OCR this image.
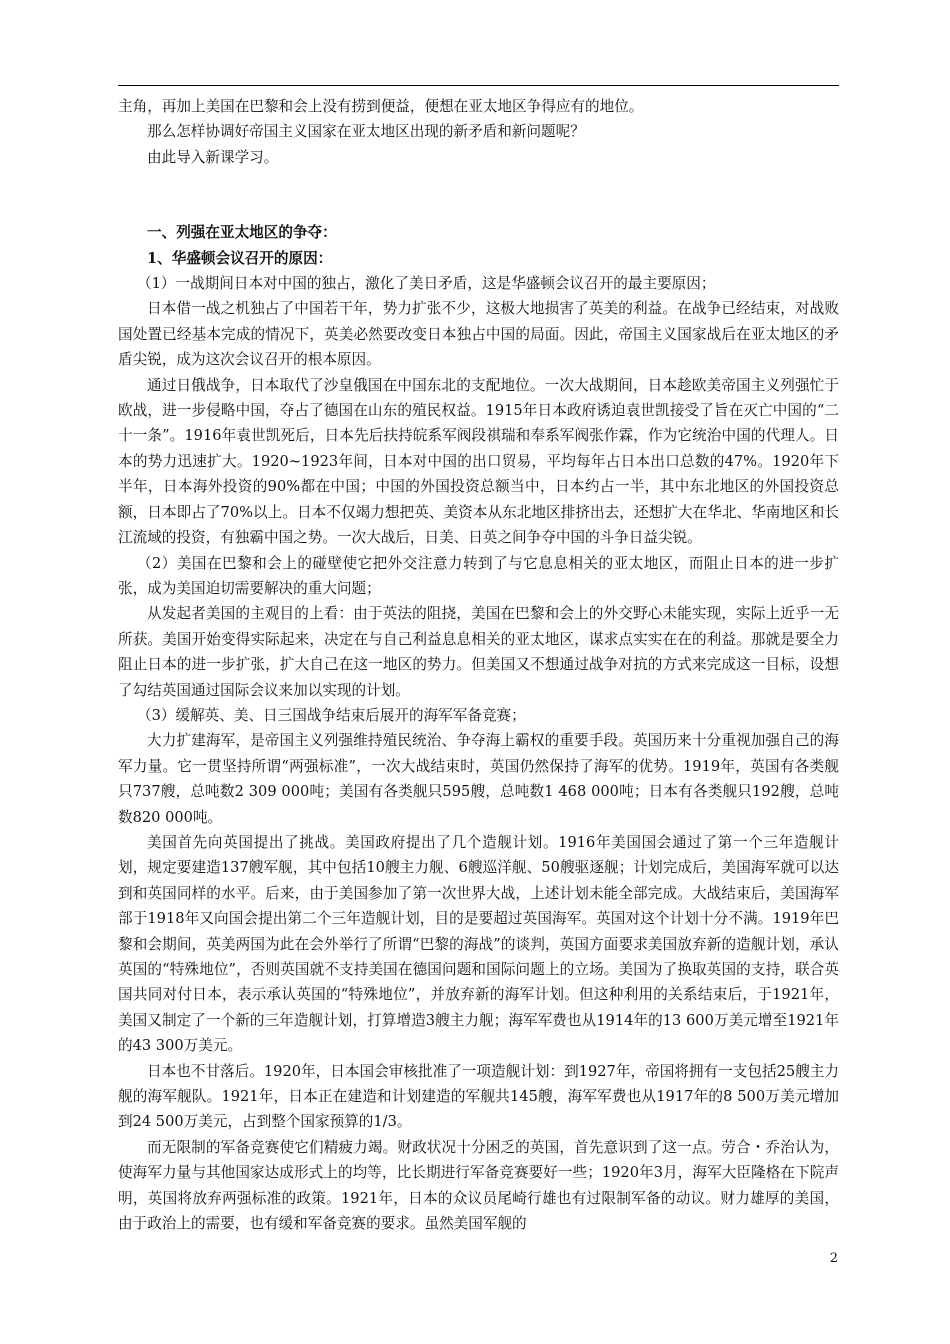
主角，再加上美国在巴黎和会上没有捞到便益，便想在亚太地区争得应有的地位。

那么怎样协调好帝国主义国家在亚太地区出现的新矛盾和新问题呢？

由此导入新课学习。

一、列强在亚太地区的争夺：

1、华盛顿会议召开的原因：

（1）一战期间日本对中国的独占，激化了美日矛盾，这是华盛顿会议召开的最主要原因；

日本借一战之机独占了中国若干年，势力扩张不少，这极大地损害了英美的利益。在战争已经结束，对战败国处置已经基本完成的情况下，英美必然要改变日本独占中国的局面。因此，帝国主义国家战后在亚太地区的矛盾尖锐，成为这次会议召开的根本原因。

通过日俄战争，日本取代了沙皇俄国在中国东北的支配地位。一次大战期间，日本趁欧美帝国主义列强忙于欧战，进一步侵略中国，夺占了德国在山东的殖民权益。1915年日本政府诱迫袁世凯接受了旨在灭亡中国的“二十一条”。1916年袁世凯死后，日本先后扶持皖系军阀段祺瑞和奉系军阀张作霖，作为它统治中国的代理人。日本的势力迅速扩大。1920~1923年间，日本对中国的出口贸易，平均每年占日本出口总数的47%。1920年下半年，日本海外投资的90%都在中国；中国的外国投资总额当中，日本约占一半，其中东北地区的外国投资总额，日本即占了70%以上。日本不仅竭力想把英、美资本从东北地区排挤出去，还想扩大在华北、华南地区和长江流域的投资，有独霸中国之势。一次大战后，日美、日英之间争夺中国的斗争日益尖锐。

（2）美国在巴黎和会上的碰壁使它把外交注意力转到了与它息息相关的亚太地区，而阻止日本的进一步扩张，成为美国迫切需要解决的重大问题；

从发起者美国的主观目的上看：由于英法的阻挠，美国在巴黎和会上的外交野心未能实现，实际上近乎一无所获。美国开始变得实际起来，决定在与自己利益息息相关的亚太地区，谋求点实实在在的利益。那就是要全力阻止日本的进一步扩张，扩大自己在这一地区的势力。但美国又不想通过战争对抗的方式来完成这一目标，设想了勾结英国通过国际会议来加以实现的计划。

（3）缓解英、美、日三国战争结束后展开的海军军备竞赛；

大力扩建海军，是帝国主义列强维持殖民统治、争夺海上霸权的重要手段。英国历来十分重视加强自己的海军力量。它一贯坚持所谓“两强标准”，一次大战结束时，英国仍然保持了海军的优势。1919年，英国有各类舰只737艘，总吨数2 309 000吨；美国有各类舰只595艘，总吨数1 468 000吨；日本有各类舰只192艘，总吨数820 000吨。

美国首先向英国提出了挑战。美国政府提出了几个造舰计划。1916年美国国会通过了第一个三年造舰计划，规定要建造137艘军舰，其中包括10艘主力舰、6艘巡洋舰、50艘驱逐舰；计划完成后，美国海军就可以达到和英国同样的水平。后来，由于美国参加了第一次世界大战，上述计划未能全部完成。大战结束后，美国海军部于1918年又向国会提出第二个三年造舰计划，目的是要超过英国海军。英国对这个计划十分不满。1919年巴黎和会期间，英美两国为此在会外举行了所谓“巴黎的海战”的谈判，英国方面要求美国放弃新的造舰计划，承认英国的“特殊地位”，否则英国就不支持美国在德国问题和国际问题上的立场。美国为了换取英国的支持，联合英国共同对付日本，表示承认英国的“特殊地位”，并放弃新的海军计划。但这种利用的关系结束后，于1921年，美国又制定了一个新的三年造舰计划，打算增造3艘主力舰；海军军费也从1914年的13 600万美元增至1921年的43 300万美元。

日本也不甘落后。1920年，日本国会审核批准了一项造舰计划：到1927年，帝国将拥有一支包括25艘主力舰的海军舰队。1921年，日本正在建造和计划建造的军舰共145艘，海军军费也从1917年的8 500万美元增加到24 500万美元，占到整个国家预算的1/3。

而无限制的军备竞赛使它们精疲力竭。财政状况十分困乏的英国，首先意识到了这一点。劳合・乔治认为，使海军力量与其他国家达成形式上的均等，比长期进行军备竞赛要好一些；1920年3月，海军大臣隆格在下院声明，英国将放弃两强标准的政策。1921年，日本的众议员尾崎行雄也有过限制军备的动议。财力雄厚的美国，由于政治上的需要，也有缓和军备竞赛的要求。虽然美国军舰的

2
